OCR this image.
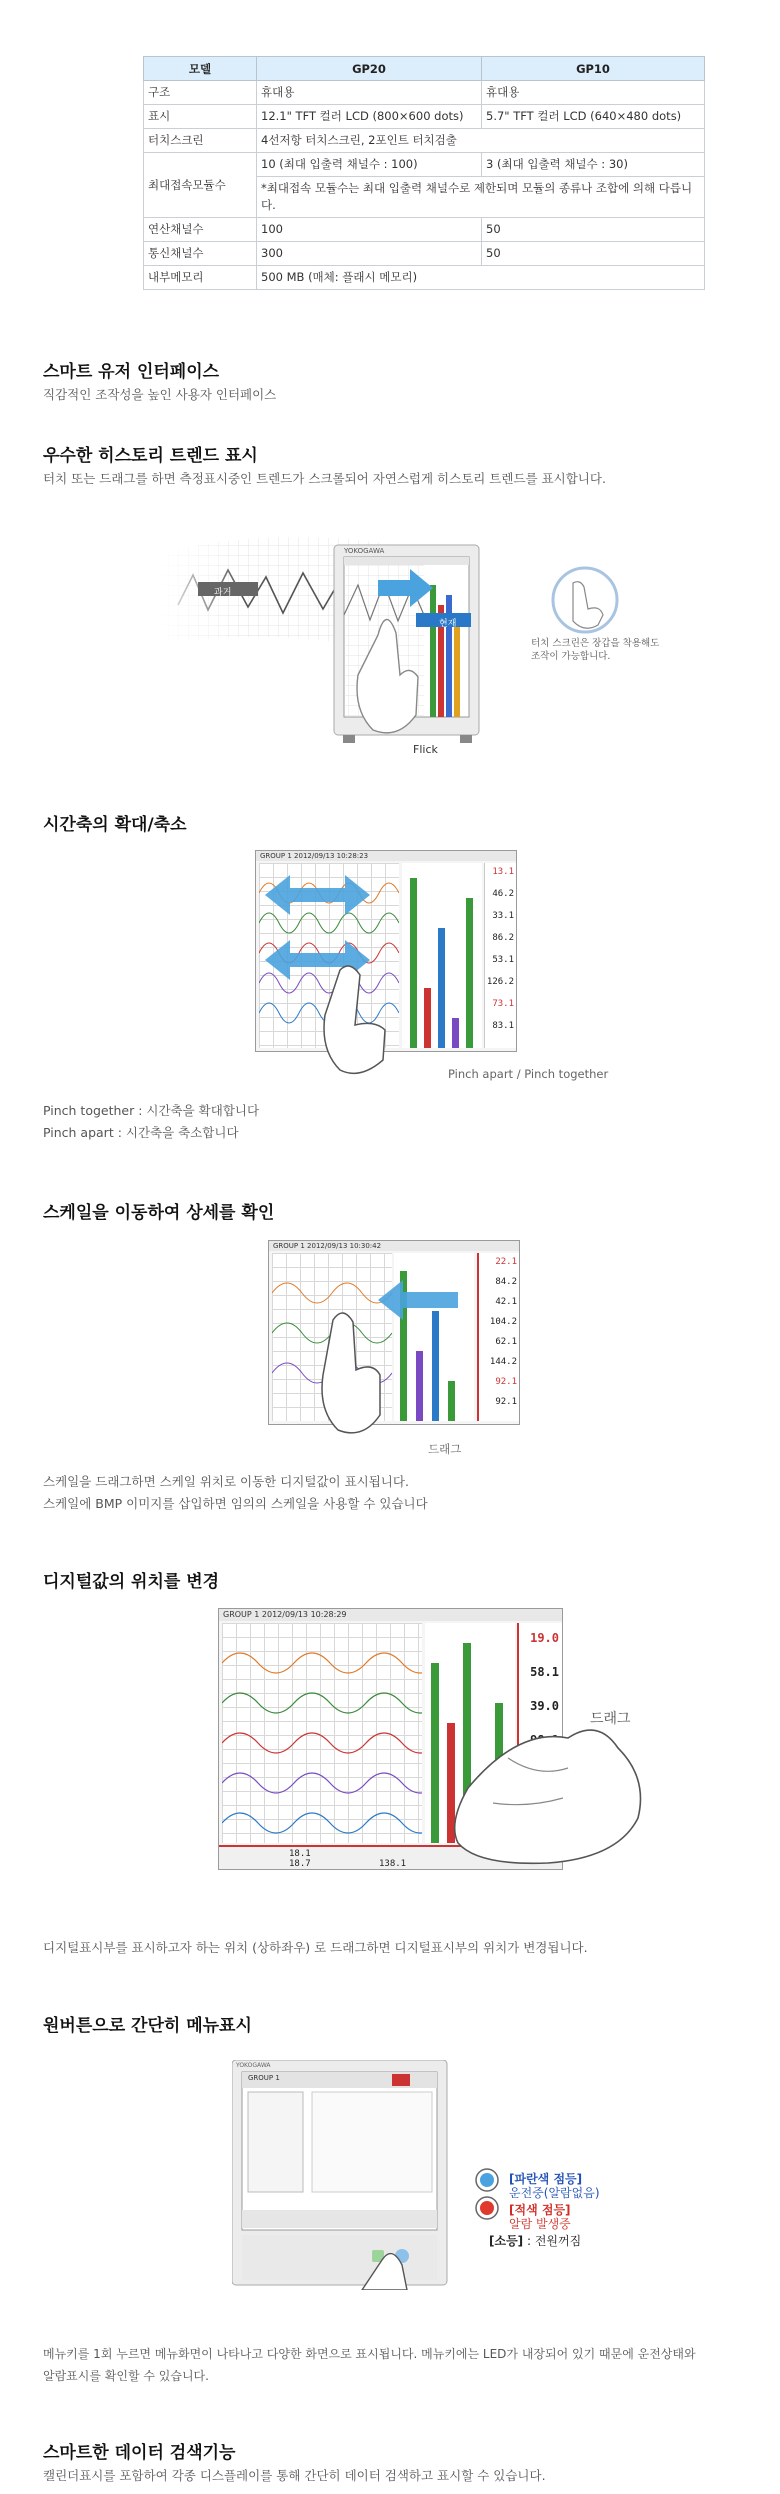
모델	GP20	GP10
구조	휴대용	휴대용
표시	12.1" TFT 컬러 LCD (800×600 dots)	5.7" TFT 컬러 LCD (640×480 dots)
터치스크린	4선저항 터치스크린, 2포인트 터치검출	
최대접속모듈수	10 (최대 입출력 채널수 : 100)	3 (최대 입출력 채널수 : 30)
	*최대접속 모듈수는 최대 입출력 채널수로 제한되며 모듈의 종류나 조합에 의해 다릅니다.	
연산채널수	100	50
통신채널수	300	50
내부메모리	500 MB (매체: 플래시 메모리)	
스마트 유저 인터페이스
직감적인 조작성을 높인 사용자 인터페이스
우수한 히스토리 트렌드 표시
터치 또는 드래그를 하면 측정표시중인 트렌드가 스크롤되어 자연스럽게 히스토리 트렌드를 표시합니다.
과거
현재
Flick
터치 스크린은 장갑을 착용해도
조작이 가능합니다.
YOKOGAWA
시간축의 확대/축소
GROUP 1 2012/09/13 10:28:23
13.1
46.2
33.1
86.2
53.1
126.2
73.1
83.1
Pinch apart / Pinch together
Pinch together : 시간축을 확대합니다
Pinch apart : 시간축을 축소합니다
스케일을 이동하여 상세를 확인
GROUP 1 2012/09/13 10:30:42
22.1
84.2
42.1
104.2
62.1
144.2
92.1
92.1
드래그
스케일을 드래그하면 스케일 위치로 이동한 디지털값이 표시됩니다.
스케일에 BMP 이미지를 삽입하면 임의의 스케일을 사용할 수 있습니다
디지털값의 위치를 변경
GROUP 1 2012/09/13 10:28:29
19.0
58.1
39.0
18.1
18.7	138.1
드래그
디지털표시부를 표시하고자 하는 위치 (상하좌우) 로 드래그하면 디지털표시부의 위치가 변경됩니다.
원버튼으로 간단히 메뉴표시
GROUP 1
YOKOGAWA
[파란색 점등]
운전중(알람없음)
[적색 점등]
알람 발생중
[소등] : 전원꺼짐
메뉴키를 1회 누르면 메뉴화면이 나타나고 다양한 화면으로 표시됩니다. 메뉴키에는 LED가 내장되어 있기 때문에 운전상태와
알람표시를 확인할 수 있습니다.
스마트한 데이터 검색기능
캘린더표시를 포함하여 각종 디스플레이를 통해 간단히 데이터 검색하고 표시할 수 있습니다.
